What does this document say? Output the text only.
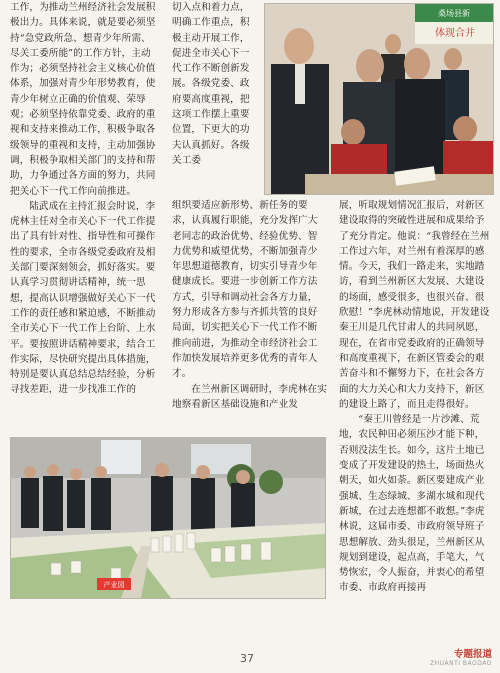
工作，为推动兰州经济社会发展积极出力。具体来说，就是要必须坚持“急党政所急、想青少年所需、尽关工委所能”的工作方针，主动作为；必须坚持社会主义核心价值体系，加强对青少年形势教育，使青少年树立正确的价值观、荣辱观；必须坚持依靠党委、政府的重视和支持来推动工作，积极争取各级领导的重视和支持，主动加强协调，积极争取相关部门的支持和帮助，力争通过各方面的努力，共同把关心下一代工作向前推进。

陆武成在主持汇报会时说，李虎林主任对全市关心下一代工作提出了具有针对性、指导性和可操作性的要求，全市各级党委政府及相关部门要深刻领会，抓好落实。要认真学习贯彻讲话精神，统一思想，提高认识增强做好关心下一代工作的责任感和紧迫感，不断推动全市关心下一代工作上台阶、上水平。要按照讲话精神要求，结合工作实际，尽快研究提出具体措施，特别是要认真总结总结经验，分析寻找差距，进一步找准工作的

桑场县新
体现合并

切入点和着力点，明确工作重点，积极主动开展工作，促进全市关心下一代工作不断创新发展。各级党委、政府要高度重视，把这项工作摆上重要位置，下更大的功夫认真抓好。各级关工委

组织要适应新形势、新任务的要求，认真履行职能，充分发挥广大老同志的政治优势、经验优势、智力优势和威望优势，不断加强青少年思想道德教育，切实引导青少年健康成长。要进一步创新工作方法方式，引导和调动社会各方力量，努力形成各方参与齐抓共管的良好局面，切实把关心下一代工作不断推向前进，为推动全市经济社会工作加快发展培养更多优秀的青年人才。

在兰州新区调研时，李虎林在实地察看新区基础设施和产业发

展，听取规划情况汇报后，对新区建设取得的突破性进展和成果给予了充分肯定。他说：“我曾经在兰州工作过六年，对兰州有着深厚的感情。今天，我们一路走来，实地踏访，看到兰州新区大发展、大建设的场面，感受很多，也很兴奋、很欣慰！”李虎林动情地说，开发建设秦王川是几代甘肃人的共同夙愿，现在，在省市党委政府的正确领导和高度重视下，在新区管委会的艰苦奋斗和不懈努力下，在社会各方面的大力关心和大力支持下，新区的建设上路了，而且走得很好。

“秦王川曾经是一片沙滩、荒地，农民种田必须压沙才能下种，否则没法生长。如今，这片土地已变成了开发建设的热土，场面热火朝天，如火如荼。新区要建成产业强城、生态绿城、多湖水城和现代新城，在过去连想都不敢想。”李虎林说，这届市委、市政府领导班子思想解放、劲头很足，兰州新区从规划到建设，起点高，手笔大，气势恢宏，令人振奋，并衷心的希望市委、市政府再接再

产业园
37	专题报道
ZHUANTI BAODAO
